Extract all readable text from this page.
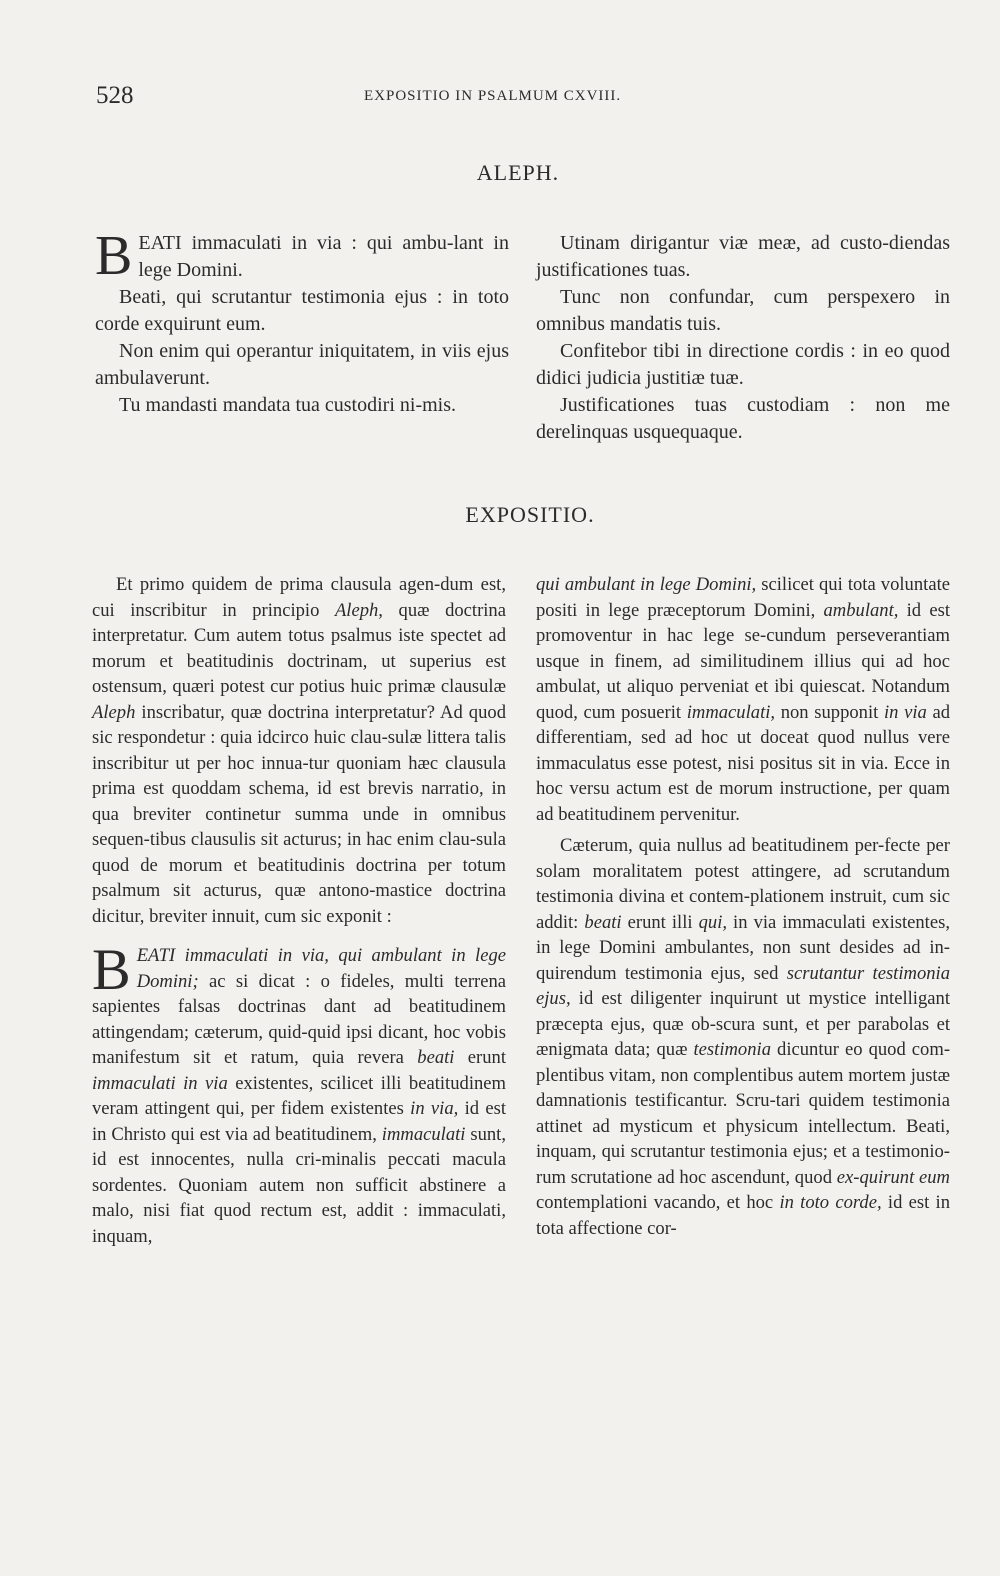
528	EXPOSITIO IN PSALMUM CXVIII.
ALEPH.

BEATI immaculati in via : qui ambu-lant in lege Domini.

Beati, qui scrutantur testimonia ejus : in toto corde exquirunt eum.

Non enim qui operantur iniquitatem, in viis ejus ambulaverunt.

Tu mandasti mandata tua custodiri ni-mis.

Utinam dirigantur viæ meæ, ad custo-diendas justificationes tuas.

Tunc non confundar, cum perspexero in omnibus mandatis tuis.

Confitebor tibi in directione cordis : in eo quod didici judicia justitiæ tuæ.

Justificationes tuas custodiam : non me derelinquas usquequaque.

EXPOSITIO.

Et primo quidem de prima clausula agen-dum est, cui inscribitur in principio Aleph, quæ doctrina interpretatur. Cum autem totus psalmus iste spectet ad morum et beatitudinis doctrinam, ut superius est ostensum, quæri potest cur potius huic primæ clausulæ Aleph inscribatur, quæ doctrina interpretatur? Ad quod sic respondetur : quia idcirco huic clau-sulæ littera talis inscribitur ut per hoc innua-tur quoniam hæc clausula prima est quoddam schema, id est brevis narratio, in qua breviter continetur summa unde in omnibus sequen-tibus clausulis sit acturus; in hac enim clau-sula quod de morum et beatitudinis doctrina per totum psalmum sit acturus, quæ antono-mastice doctrina dicitur, breviter innuit, cum sic exponit :

BEATI immaculati in via, qui ambulant in lege Domini; ac si dicat : o fideles, multi terrena sapientes falsas doctrinas dant ad beatitudinem attingendam; cæterum, quid-quid ipsi dicant, hoc vobis manifestum sit et ratum, quia revera beati erunt immaculati in via existentes, scilicet illi beatitudinem veram attingent qui, per fidem existentes in via, id est in Christo qui est via ad beatitudinem, immaculati sunt, id est innocentes, nulla cri-minalis peccati macula sordentes. Quoniam autem non sufficit abstinere a malo, nisi fiat quod rectum est, addit : immaculati, inquam,

qui ambulant in lege Domini, scilicet qui tota voluntate positi in lege præceptorum Domini, ambulant, id est promoventur in hac lege se-cundum perseverantiam usque in finem, ad similitudinem illius qui ad hoc ambulat, ut aliquo perveniat et ibi quiescat. Notandum quod, cum posuerit immaculati, non supponit in via ad differentiam, sed ad hoc ut doceat quod nullus vere immaculatus esse potest, nisi positus sit in via. Ecce in hoc versu actum est de morum instructione, per quam ad beatitudinem pervenitur.

Cæterum, quia nullus ad beatitudinem per-fecte per solam moralitatem potest attingere, ad scrutandum testimonia divina et contem-plationem instruit, cum sic addit: beati erunt illi qui, in via immaculati existentes, in lege Domini ambulantes, non sunt desides ad in-quirendum testimonia ejus, sed scrutantur testimonia ejus, id est diligenter inquirunt ut mystice intelligant præcepta ejus, quæ ob-scura sunt, et per parabolas et ænigmata data; quæ testimonia dicuntur eo quod com-plentibus vitam, non complentibus autem mortem justæ damnationis testificantur. Scru-tari quidem testimonia attinet ad mysticum et physicum intellectum. Beati, inquam, qui scrutantur testimonia ejus; et a testimonio-rum scrutatione ad hoc ascendunt, quod ex-quirunt eum contemplationi vacando, et hoc in toto corde, id est in tota affectione cor-
